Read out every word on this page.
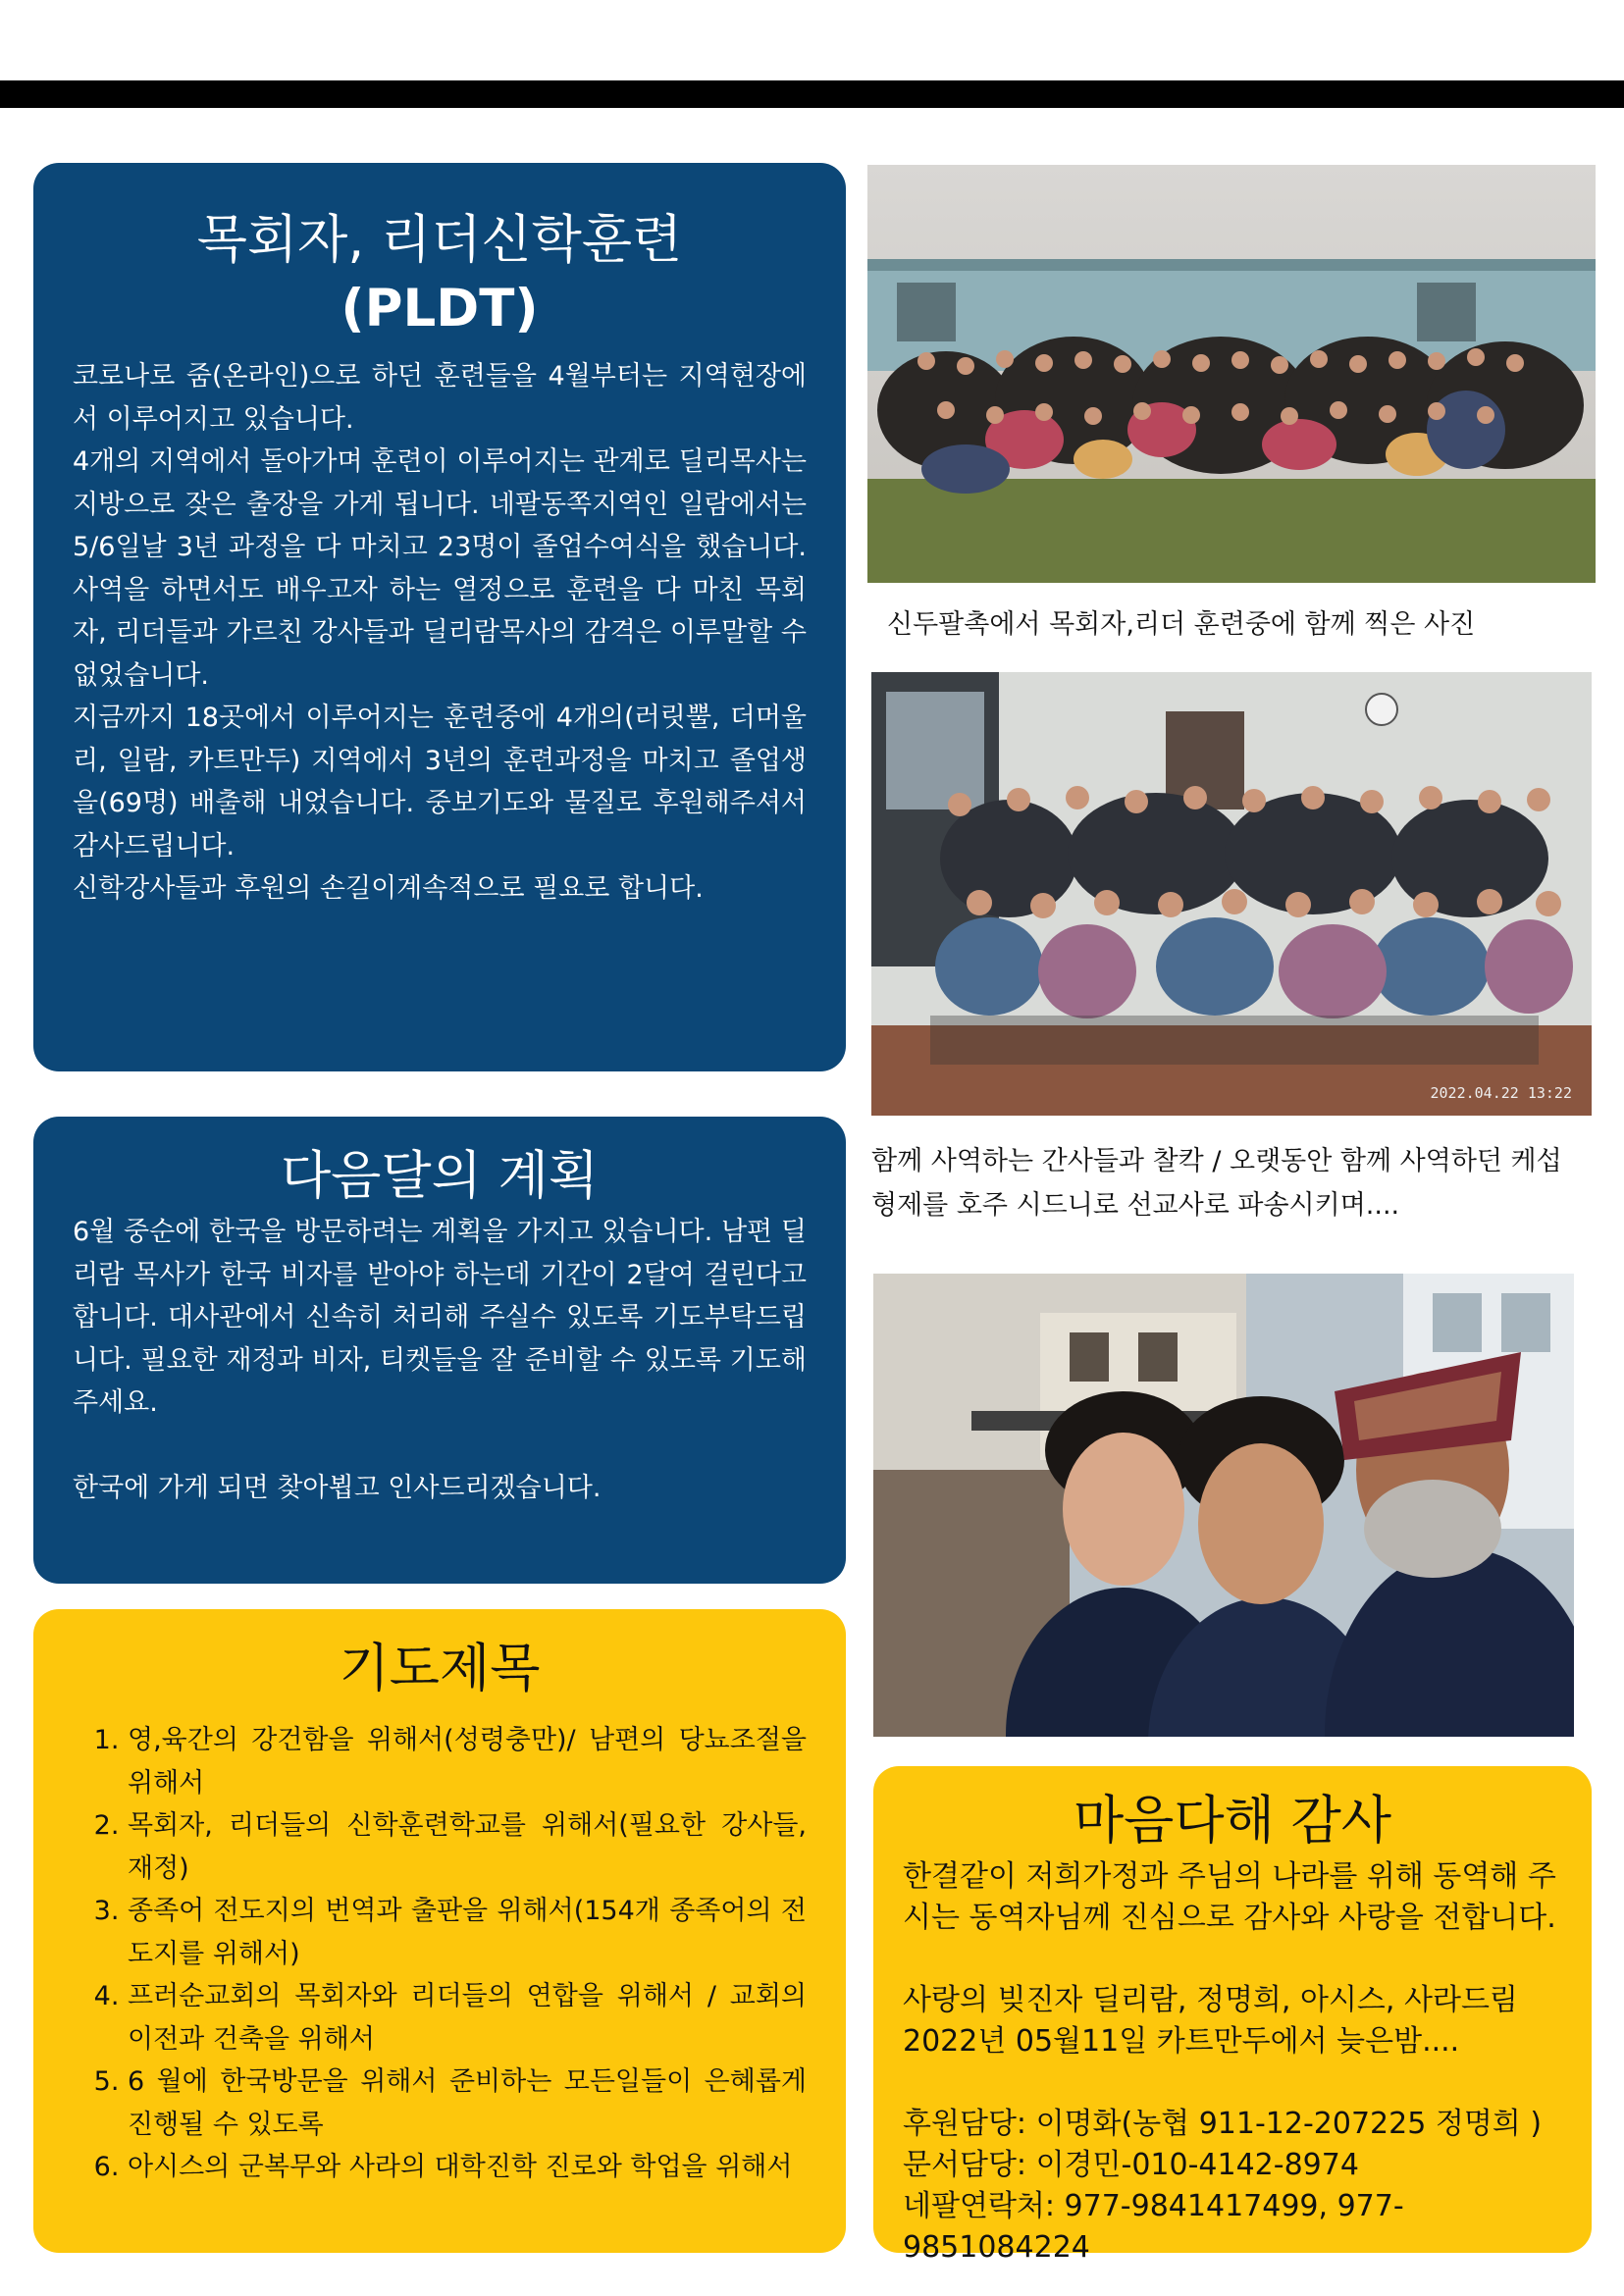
목회자, 리더신학훈련
(PLDT)
코로나로 줌(온라인)으로 하던 훈련들을 4월부터는 지역현장에서 이루어지고 있습니다.
4개의 지역에서 돌아가며 훈련이 이루어지는 관계로 딜리목사는 지방으로 잦은 출장을 가게 됩니다. 네팔동쪽지역인 일람에서는 5/6일날 3년 과정을 다 마치고 23명이 졸업수여식을 했습니다. 사역을 하면서도 배우고자 하는 열정으로 훈련을 다 마친 목회자, 리더들과 가르친 강사들과 딜리람목사의 감격은 이루말할 수 없었습니다.
지금까지 18곳에서 이루어지는 훈련중에 4개의(러릿뿔, 더머울리, 일람, 카트만두) 지역에서 3년의 훈련과정을 마치고 졸업생을(69명) 배출해 내었습니다. 중보기도와 물질로 후원해주셔서 감사드립니다.
신학강사들과 후원의 손길이계속적으로 필요로 합니다.
다음달의 계획
6월 중순에 한국을 방문하려는 계획을 가지고 있습니다. 남편 딜리람 목사가 한국 비자를 받아야 하는데 기간이 2달여 걸린다고 합니다. 대사관에서 신속히 처리해 주실수 있도록 기도부탁드립니다. 필요한 재정과 비자, 티켓들을 잘 준비할 수 있도록 기도해 주세요.

한국에 가게 되면 찾아뵙고 인사드리겠습니다.
기도제목
1. 영,육간의 강건함을 위해서(성령충만)/ 남편의 당뇨조절을 위해서
2. 목회자, 리더들의 신학훈련학교를 위해서(필요한 강사들, 재정)
3. 종족어 전도지의 번역과 출판을 위해서(154개 종족어의 전도지를 위해서)
4. 프러순교회의 목회자와 리더들의 연합을 위해서 / 교회의 이전과 건축을 위해서
5. 6 월에 한국방문을 위해서 준비하는 모든일들이 은혜롭게 진행될 수 있도록
6. 아시스의 군복무와 사라의 대학진학 진로와 학업을 위해서
신두팔촉에서 목회자,리더 훈련중에 함께 찍은 사진
2022.04.22 13:22
함께 사역하는 간사들과 찰칵 / 오랫동안 함께 사역하던 케섭
형제를 호주 시드니로 선교사로 파송시키며....
마음다해 감사
한결같이 저희가정과 주님의 나라를 위해 동역해 주시는 동역자님께 진심으로 감사와 사랑을 전합니다.
사랑의 빚진자 딜리람, 정명희, 아시스, 사라드림
2022년 05월11일 카트만두에서 늦은밤....
후원담당: 이명화(농협 911-12-207225 정명희 )
문서담당: 이경민-010-4142-8974
네팔연락처: 977-9841417499, 977-9851084224
